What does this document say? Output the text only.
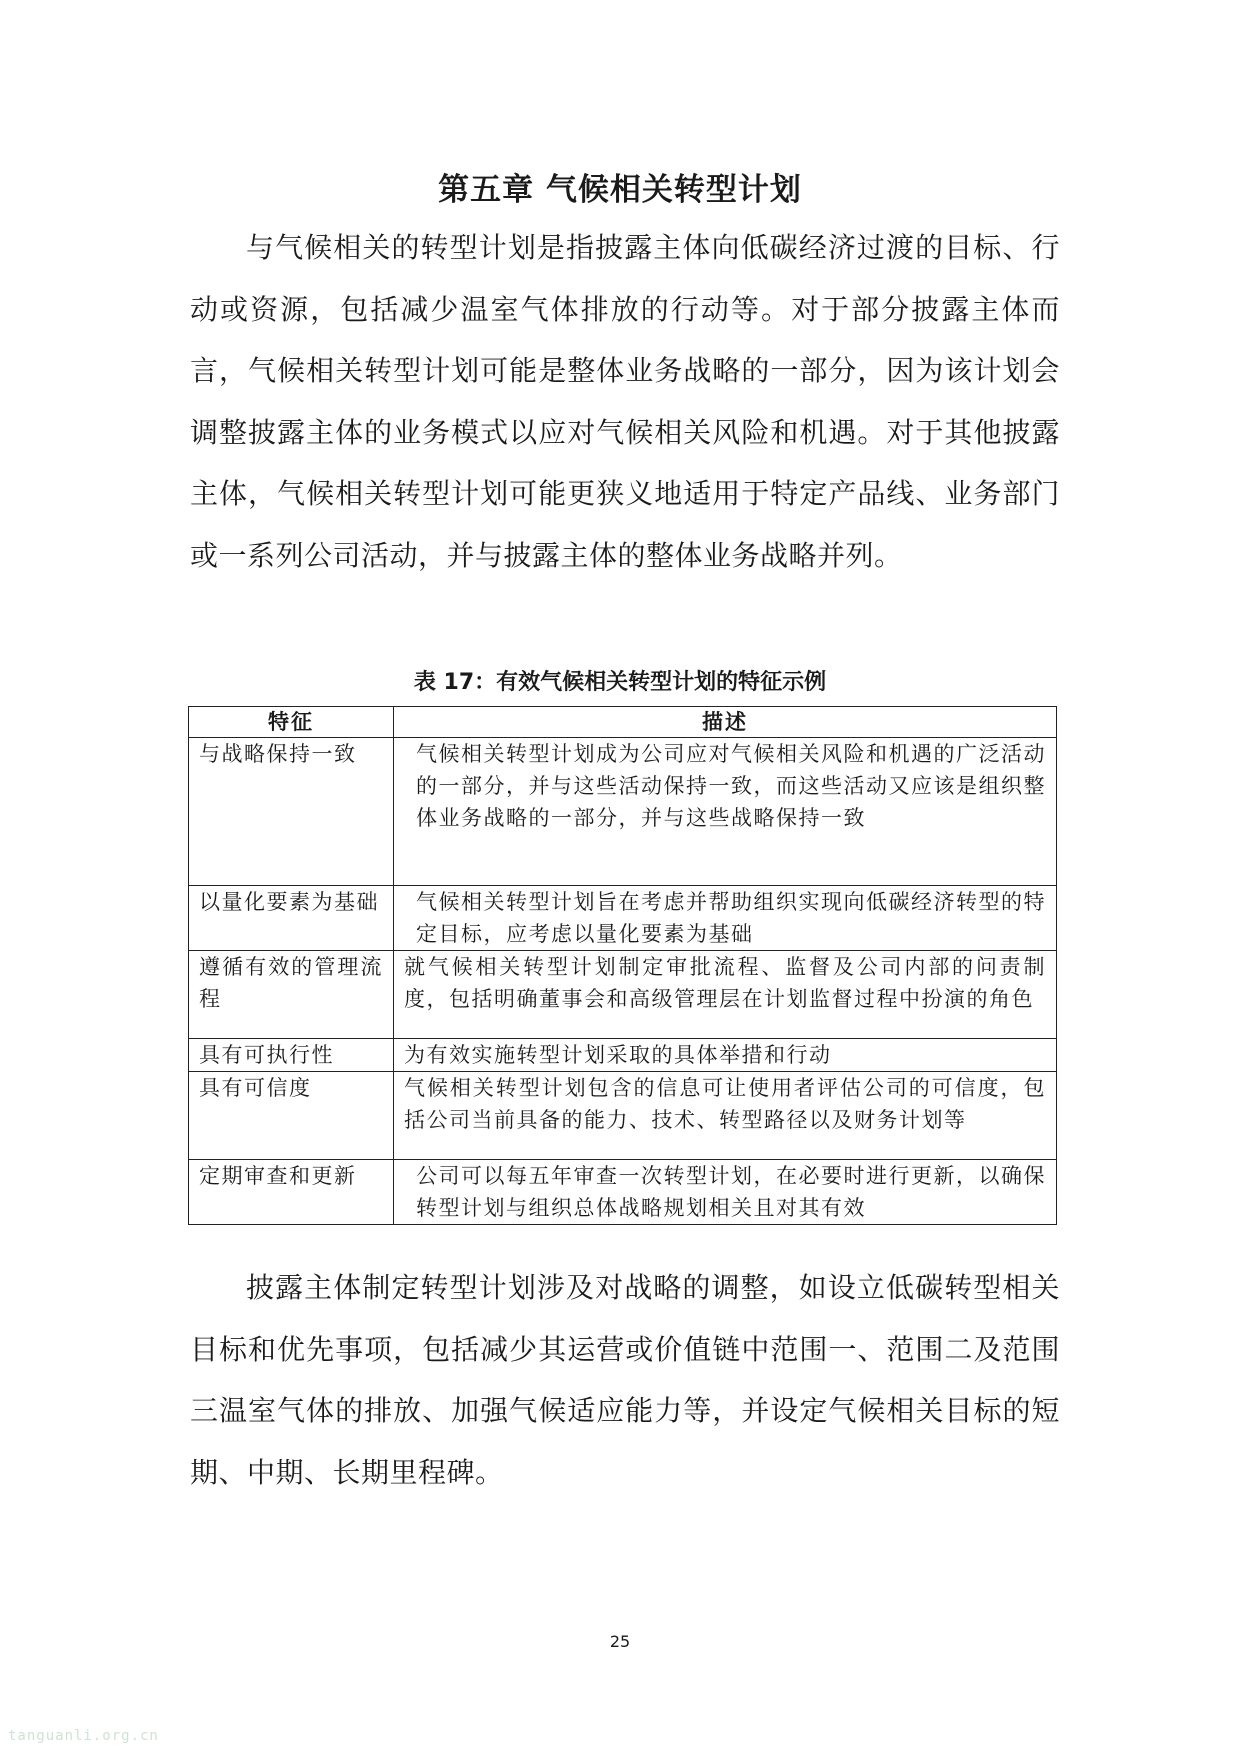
第五章 气候相关转型计划

与气候相关的转型计划是指披露主体向低碳经济过渡的目标、行动或资源，包括减少温室气体排放的行动等。对于部分披露主体而言，气候相关转型计划可能是整体业务战略的一部分，因为该计划会调整披露主体的业务模式以应对气候相关风险和机遇。对于其他披露主体，气候相关转型计划可能更狭义地适用于特定产品线、业务部门或一系列公司活动，并与披露主体的整体业务战略并列。

表 17：有效气候相关转型计划的特征示例
特征	描述
与战略保持一致	气候相关转型计划成为公司应对气候相关风险和机遇的广泛活动的一部分，并与这些活动保持一致，而这些活动又应该是组织整体业务战略的一部分，并与这些战略保持一致
以量化要素为基础	气候相关转型计划旨在考虑并帮助组织实现向低碳经济转型的特定目标，应考虑以量化要素为基础
遵循有效的管理流程	就气候相关转型计划制定审批流程、监督及公司内部的问责制度，包括明确董事会和高级管理层在计划监督过程中扮演的角色
具有可执行性	为有效实施转型计划采取的具体举措和行动
具有可信度	气候相关转型计划包含的信息可让使用者评估公司的可信度，包括公司当前具备的能力、技术、转型路径以及财务计划等
定期审查和更新	公司可以每五年审查一次转型计划，在必要时进行更新，以确保转型计划与组织总体战略规划相关且对其有效

披露主体制定转型计划涉及对战略的调整，如设立低碳转型相关目标和优先事项，包括减少其运营或价值链中范围一、范围二及范围三温室气体的排放、加强气候适应能力等，并设定气候相关目标的短期、中期、长期里程碑。

25
tanguanli.org.cn
